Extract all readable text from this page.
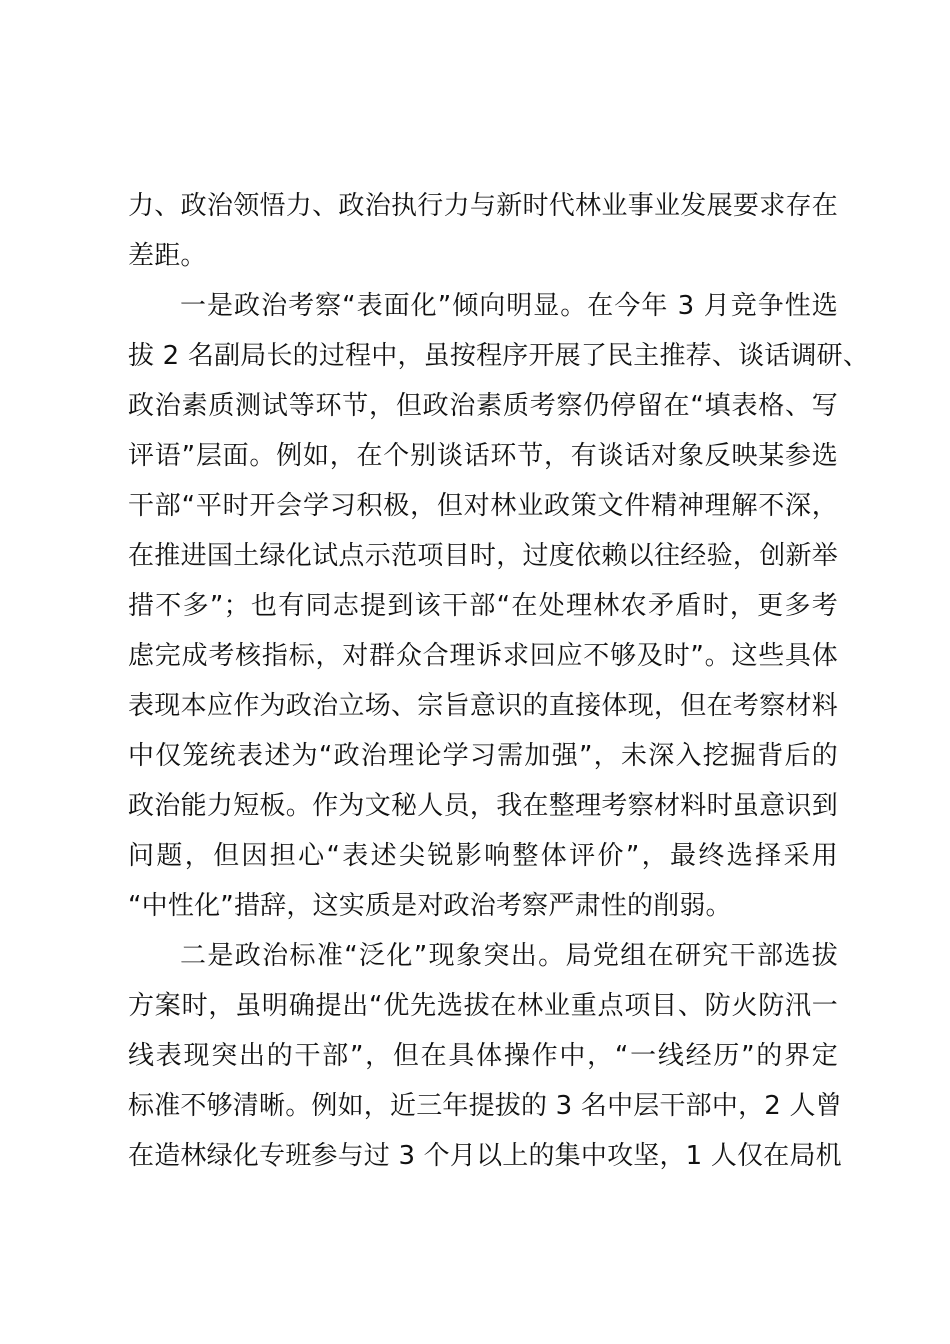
力、政治领悟力、政治执行力与新时代林业事业发展要求存在
差距。
一是政治考察“表面化”倾向明显。在今年 3 月竞争性选
拔 2 名副局长的过程中，虽按程序开展了民主推荐、谈话调研、
政治素质测试等环节，但政治素质考察仍停留在“填表格、写
评语”层面。例如，在个别谈话环节，有谈话对象反映某参选
干部“平时开会学习积极，但对林业政策文件精神理解不深，
在推进国土绿化试点示范项目时，过度依赖以往经验，创新举
措不多”；也有同志提到该干部“在处理林农矛盾时，更多考
虑完成考核指标，对群众合理诉求回应不够及时”。这些具体
表现本应作为政治立场、宗旨意识的直接体现，但在考察材料
中仅笼统表述为“政治理论学习需加强”，未深入挖掘背后的
政治能力短板。作为文秘人员，我在整理考察材料时虽意识到
问题，但因担心“表述尖锐影响整体评价”，最终选择采用
“中性化”措辞，这实质是对政治考察严肃性的削弱。
二是政治标准“泛化”现象突出。局党组在研究干部选拔
方案时，虽明确提出“优先选拔在林业重点项目、防火防汛一
线表现突出的干部”，但在具体操作中，“一线经历”的界定
标准不够清晰。例如，近三年提拔的 3 名中层干部中，2 人曾
在造林绿化专班参与过 3 个月以上的集中攻坚，1 人仅在局机
